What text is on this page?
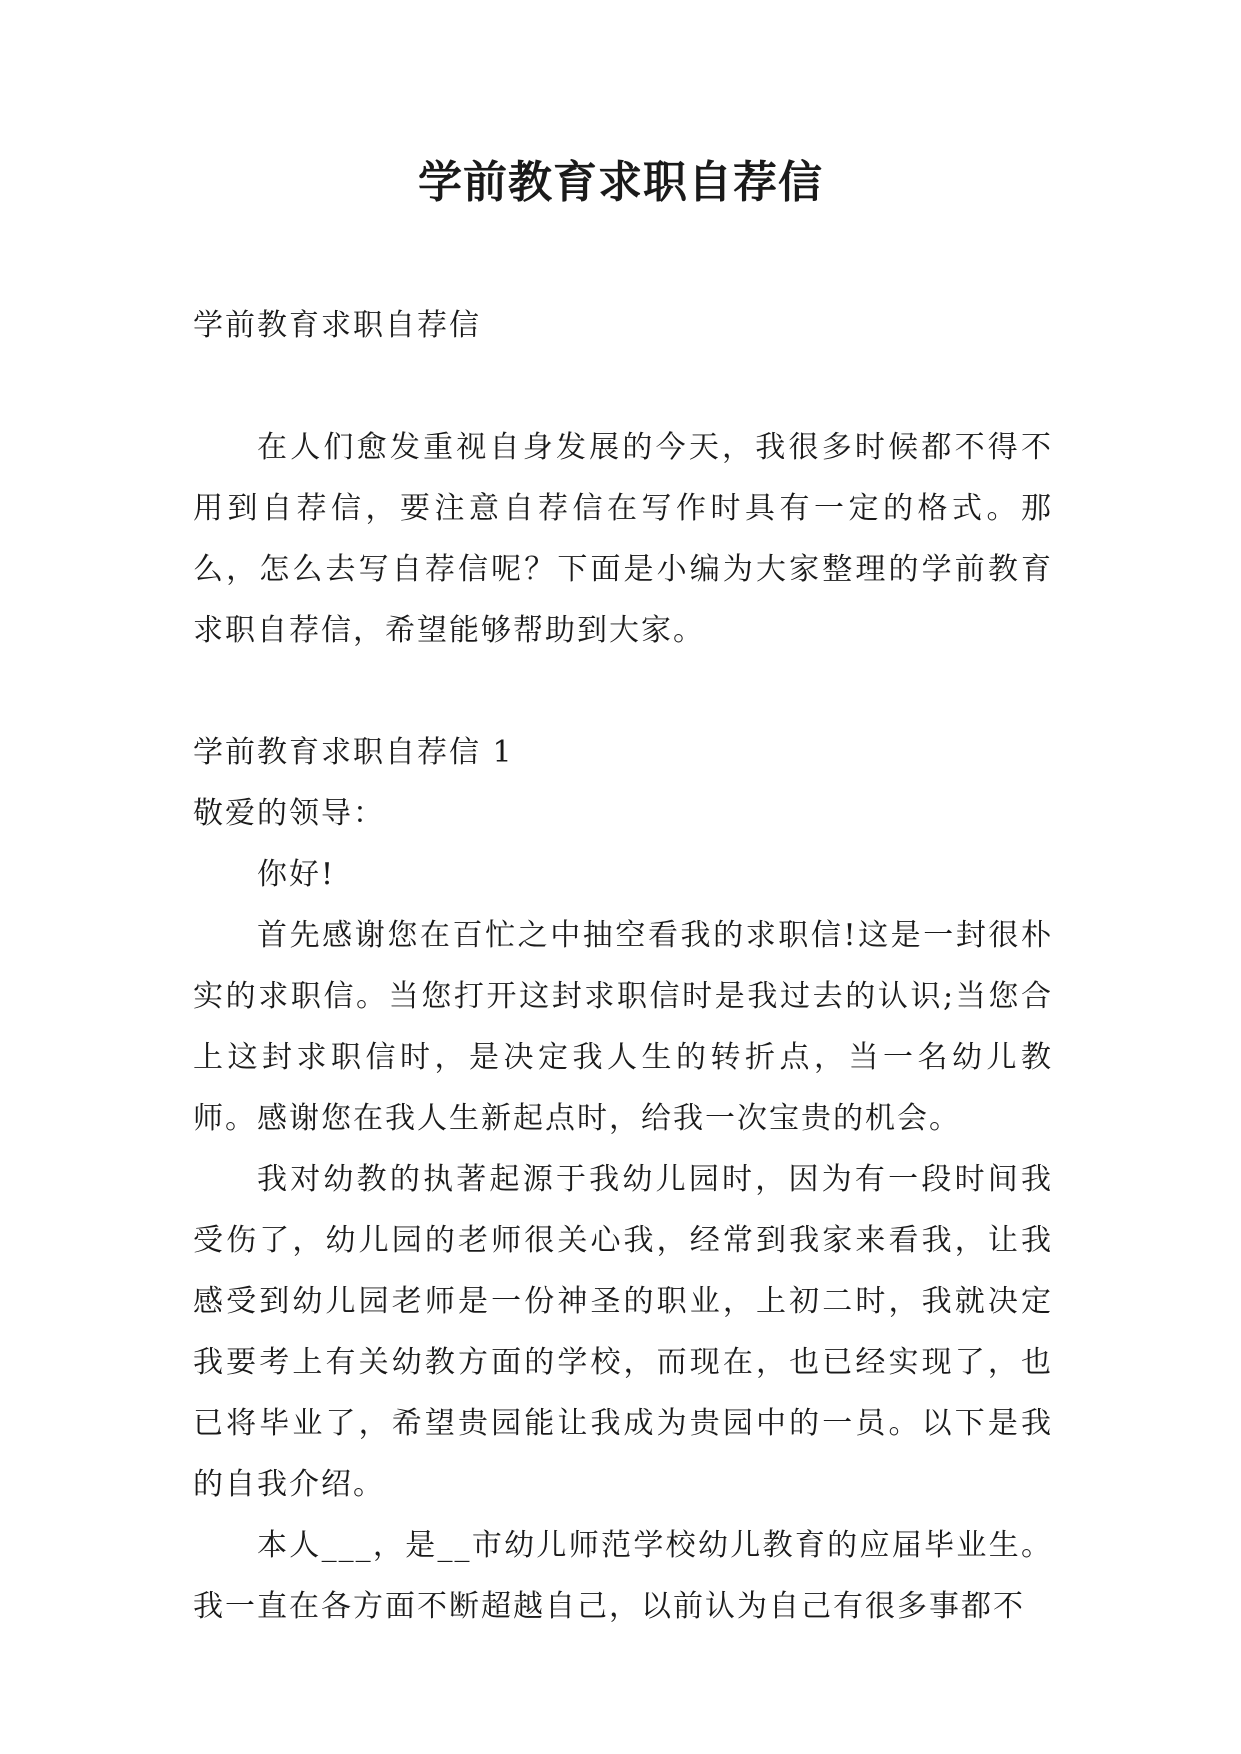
学前教育求职自荐信

学前教育求职自荐信

在人们愈发重视自身发展的今天，我很多时候都不得不用到自荐信，要注意自荐信在写作时具有一定的格式。那么，怎么去写自荐信呢？下面是小编为大家整理的学前教育求职自荐信，希望能够帮助到大家。

学前教育求职自荐信 1

敬爱的领导：

你好!

首先感谢您在百忙之中抽空看我的求职信!这是一封很朴实的求职信。当您打开这封求职信时是我过去的认识;当您合上这封求职信时，是决定我人生的转折点，当一名幼儿教师。感谢您在我人生新起点时，给我一次宝贵的机会。

我对幼教的执著起源于我幼儿园时，因为有一段时间我受伤了，幼儿园的老师很关心我，经常到我家来看我，让我感受到幼儿园老师是一份神圣的职业，上初二时，我就决定我要考上有关幼教方面的学校，而现在，也已经实现了，也已将毕业了，希望贵园能让我成为贵园中的一员。以下是我的自我介绍。

本人___，是__市幼儿师范学校幼儿教育的应届毕业生。我一直在各方面不断超越自己，以前认为自己有很多事都不
